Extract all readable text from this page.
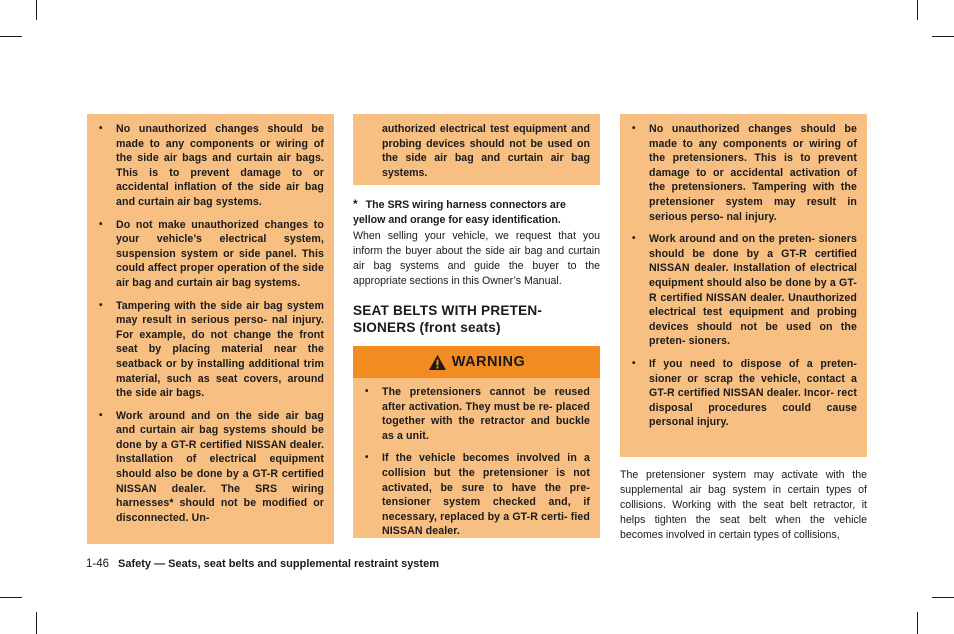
• No unauthorized changes should be made to any components or wiring of the side air bags and curtain air bags. This is to prevent damage to or accidental inflation of the side air bag and curtain air bag systems.
• Do not make unauthorized changes to your vehicle’s electrical system, suspension system or side panel. This could affect proper operation of the side air bag and curtain air bag systems.
• Tampering with the side air bag system may result in serious perso- nal injury. For example, do not change the front seat by placing material near the seatback or by installing additional trim material, such as seat covers, around the side air bags.
• Work around and on the side air bag and curtain air bag systems should be done by a GT-R certified NISSAN dealer. Installation of electrical equipment should also be done by a GT-R certified NISSAN dealer. The SRS wiring harnesses* should not be modified or disconnected. Un-

authorized electrical test equipment and probing devices should not be used on the side air bag and curtain air bag systems.

* The SRS wiring harness connectors are yellow and orange for easy identification.

When selling your vehicle, we request that you inform the buyer about the side air bag and curtain air bag systems and guide the buyer to the appropriate sections in this Owner’s Manual.

SEAT BELTS WITH PRETEN- SIONERS (front seats)
WARNING
• The pretensioners cannot be reused after activation. They must be re- placed together with the retractor and buckle as a unit.
• If the vehicle becomes involved in a collision but the pretensioner is not activated, be sure to have the pre- tensioner system checked and, if necessary, replaced by a GT-R certi- fied NISSAN dealer.
• No unauthorized changes should be made to any components or wiring of the pretensioners. This is to prevent damage to or accidental activation of the pretensioners. Tampering with the pretensioner system may result in serious perso- nal injury.
• Work around and on the preten- sioners should be done by a GT-R certified NISSAN dealer. Installation of electrical equipment should also be done by a GT-R certified NISSAN dealer. Unauthorized electrical test equipment and probing devices should not be used on the preten- sioners.
• If you need to dispose of a preten- sioner or scrap the vehicle, contact a GT-R certified NISSAN dealer. Incor- rect disposal procedures could cause personal injury.

The pretensioner system may activate with the supplemental air bag system in certain types of collisions. Working with the seat belt retractor, it helps tighten the seat belt when the vehicle becomes involved in certain types of collisions,

1-46 Safety — Seats, seat belts and supplemental restraint system
